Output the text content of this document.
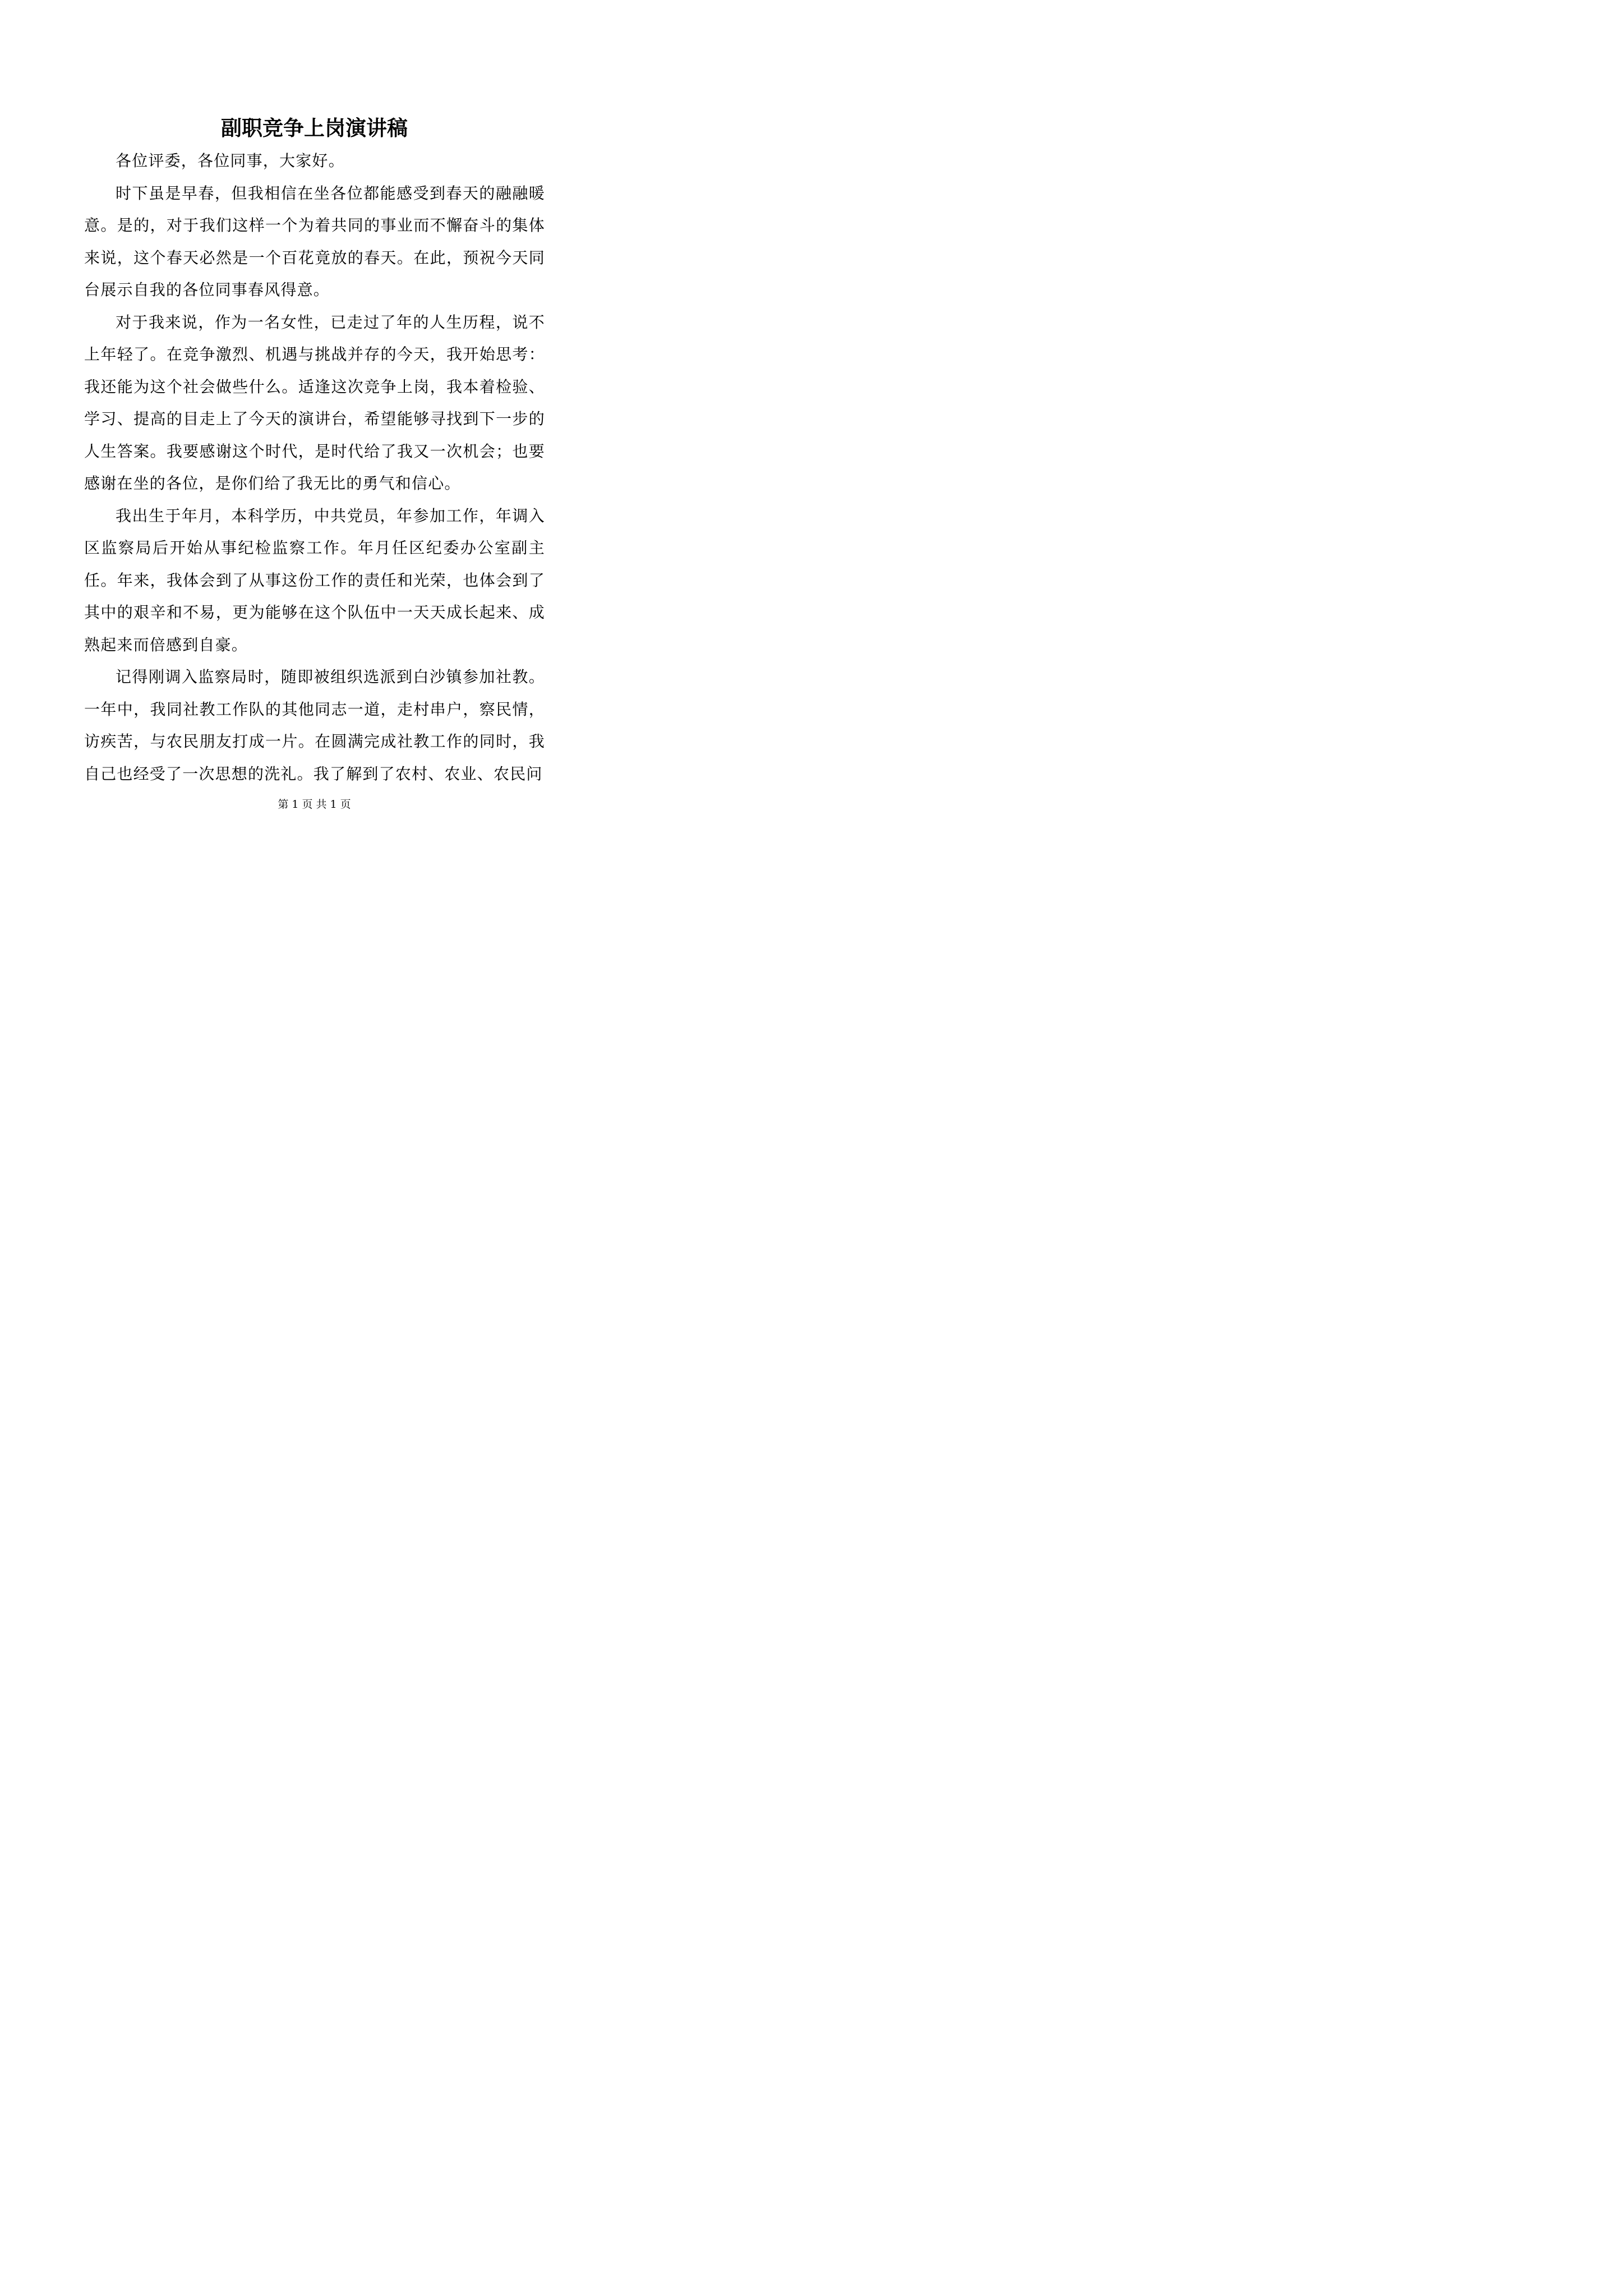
副职竞争上岗演讲稿

各位评委，各位同事，大家好。

时下虽是早春，但我相信在坐各位都能感受到春天的融融暖意。是的，对于我们这样一个为着共同的事业而不懈奋斗的集体来说，这个春天必然是一个百花竟放的春天。在此，预祝今天同台展示自我的各位同事春风得意。

对于我来说，作为一名女性，已走过了年的人生历程，说不上年轻了。在竞争激烈、机遇与挑战并存的今天，我开始思考：我还能为这个社会做些什么。适逢这次竞争上岗，我本着检验、学习、提高的目走上了今天的演讲台，希望能够寻找到下一步的人生答案。我要感谢这个时代，是时代给了我又一次机会；也要感谢在坐的各位，是你们给了我无比的勇气和信心。

我出生于年月，本科学历，中共党员，年参加工作，年调入区监察局后开始从事纪检监察工作。年月任区纪委办公室副主任。年来，我体会到了从事这份工作的责任和光荣，也体会到了其中的艰辛和不易，更为能够在这个队伍中一天天成长起来、成熟起来而倍感到自豪。

记得刚调入监察局时，随即被组织选派到白沙镇参加社教。一年中，我同社教工作队的其他同志一道，走村串户，察民情，访疾苦，与农民朋友打成一片。在圆满完成社教工作的同时，我自己也经受了一次思想的洗礼。我了解到了农村、农业、农民问

第 1 页 共 1 页
